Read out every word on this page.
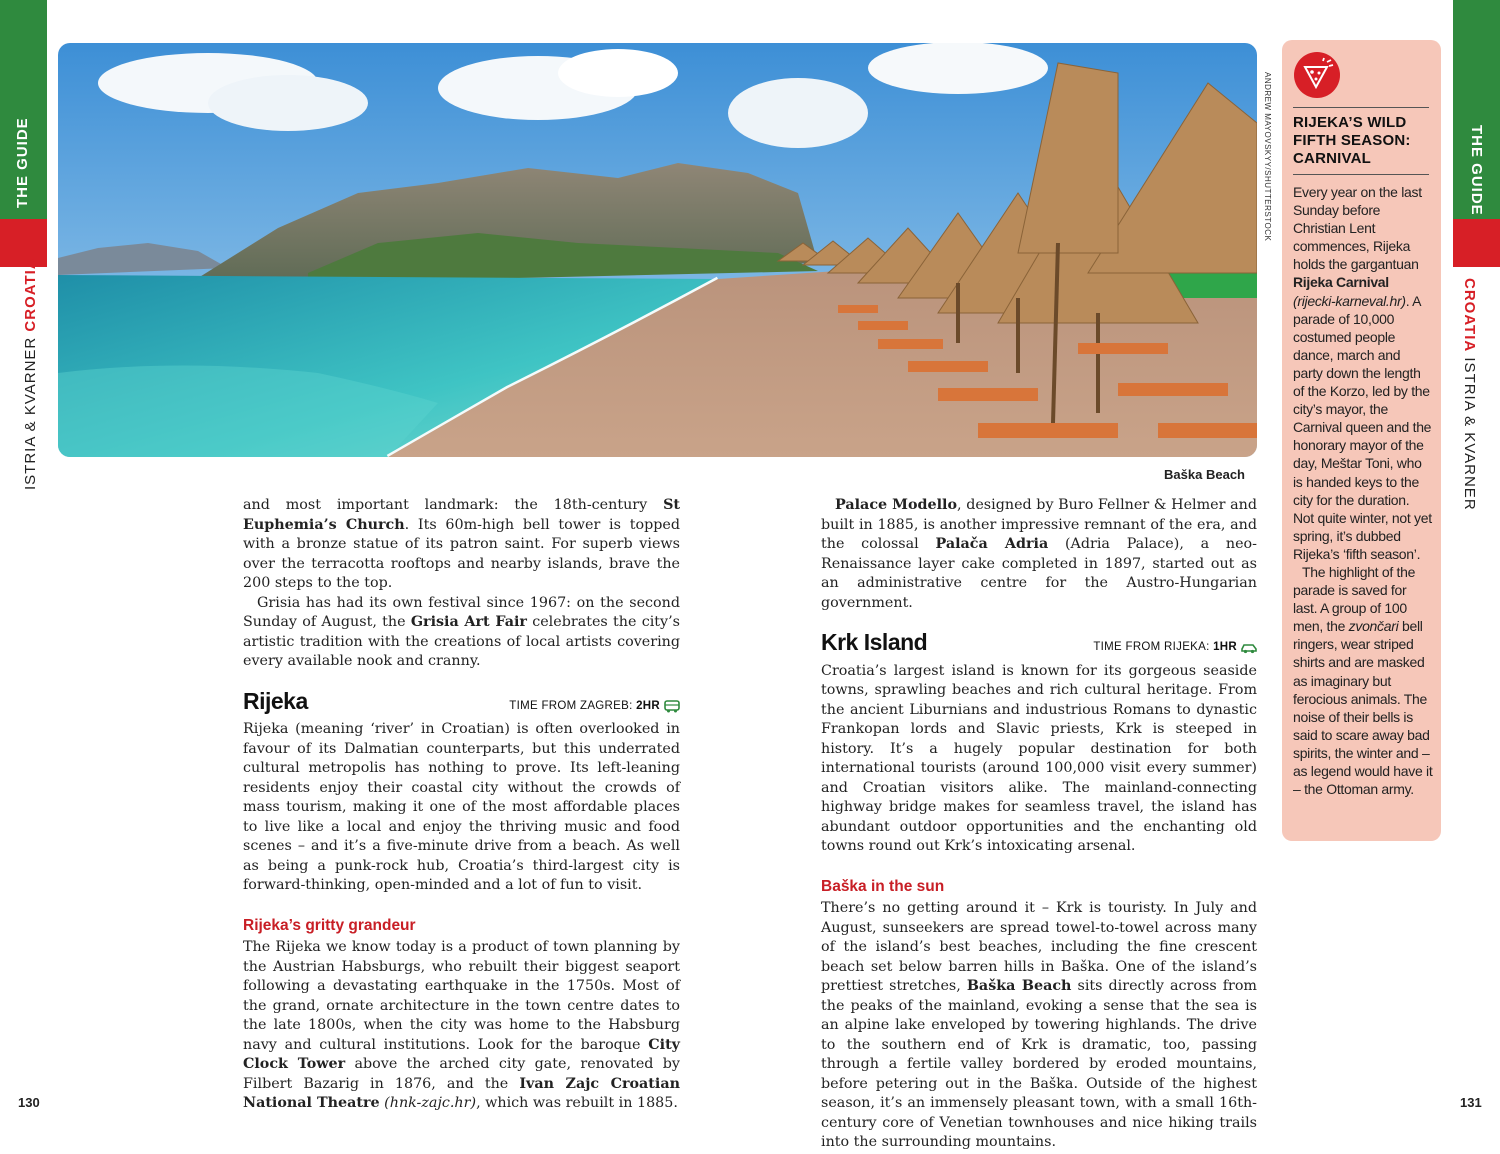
THE GUIDE
ISTRIA & KVARNER CROATIA
THE GUIDE
CROATIA ISTRIA & KVARNER
ANDREW MAYOVSKYY/SHUTTERSTOCK
Baška Beach

and most important landmark: the 18th-century St Euphemia’s Church. Its 60m-high bell tower is topped with a bronze statue of its patron saint. For superb views over the terracotta rooftops and nearby islands, brave the 200 steps to the top.

Grisia has had its own festival since 1967: on the second Sunday of August, the Grisia Art Fair celebrates the city’s artistic tradition with the creations of local artists covering every available nook and cranny.

Rijeka	TIME FROM ZAGREB: 2HR

Rijeka (meaning ‘river’ in Croatian) is often overlooked in favour of its Dalmatian counterparts, but this underrated cultural metropolis has nothing to prove. Its left-leaning residents enjoy their coastal city without the crowds of mass tourism, making it one of the most affordable places to live like a local and enjoy the thriving music and food scenes – and it’s a five-minute drive from a beach. As well as being a punk-rock hub, Croatia’s third-largest city is forward-thinking, open-minded and a lot of fun to visit.

Rijeka’s gritty grandeur

The Rijeka we know today is a product of town planning by the Austrian Habsburgs, who rebuilt their biggest seaport following a devastating earthquake in the 1750s. Most of the grand, ornate architecture in the town centre dates to the late 1800s, when the city was home to the Habsburg navy and cultural institutions. Look for the baroque City Clock Tower above the arched city gate, renovated by Filbert Bazarig in 1876, and the Ivan Zajc Croatian National Theatre (hnk-zajc.hr), which was rebuilt in 1885.

Palace Modello, designed by Buro Fellner & Helmer and built in 1885, is another impressive remnant of the era, and the colossal Palača Adria (Adria Palace), a neo-Renaissance layer cake completed in 1897, started out as an administrative centre for the Austro-Hungarian government.

Krk Island	TIME FROM RIJEKA: 1HR

Croatia’s largest island is known for its gorgeous seaside towns, sprawling beaches and rich cultural heritage. From the ancient Liburnians and industrious Romans to dynastic Frankopan lords and Slavic priests, Krk is steeped in history. It’s a hugely popular destination for both international tourists (around 100,000 visit every summer) and Croatian visitors alike. The mainland-connecting highway bridge makes for seamless travel, the island has abundant outdoor opportunities and the enchanting old towns round out Krk’s intoxicating arsenal.

Baška in the sun

There’s no getting around it – Krk is touristy. In July and August, sunseekers are spread towel-to-towel across many of the island’s best beaches, including the fine crescent beach set below barren hills in Baška. One of the island’s prettiest stretches, Baška Beach sits directly across from the peaks of the mainland, evoking a sense that the sea is an alpine lake enveloped by towering highlands. The drive to the southern end of Krk is dramatic, too, passing through a fertile valley bordered by eroded mountains, before petering out in the Baška. Outside of the highest season, it’s an immensely pleasant town, with a small 16th-century core of Venetian townhouses and nice hiking trails into the surrounding mountains.

RIJEKA’S WILD FIFTH SEASON: CARNIVAL

Every year on the last Sunday before Christian Lent commences, Rijeka holds the gargantuan Rijeka Carnival (rijecki-karneval.hr). A parade of 10,000 costumed people dance, march and party down the length of the Korzo, led by the city’s mayor, the Carnival queen and the honorary mayor of the day, Meštar Toni, who is handed keys to the city for the duration. Not quite winter, not yet spring, it’s dubbed Rijeka’s ‘fifth season’.

The highlight of the parade is saved for last. A group of 100 men, the zvončari bell ringers, wear striped shirts and are masked as imaginary but ferocious animals. The noise of their bells is said to scare away bad spirits, the winter and – as legend would have it – the Ottoman army.

130	131
